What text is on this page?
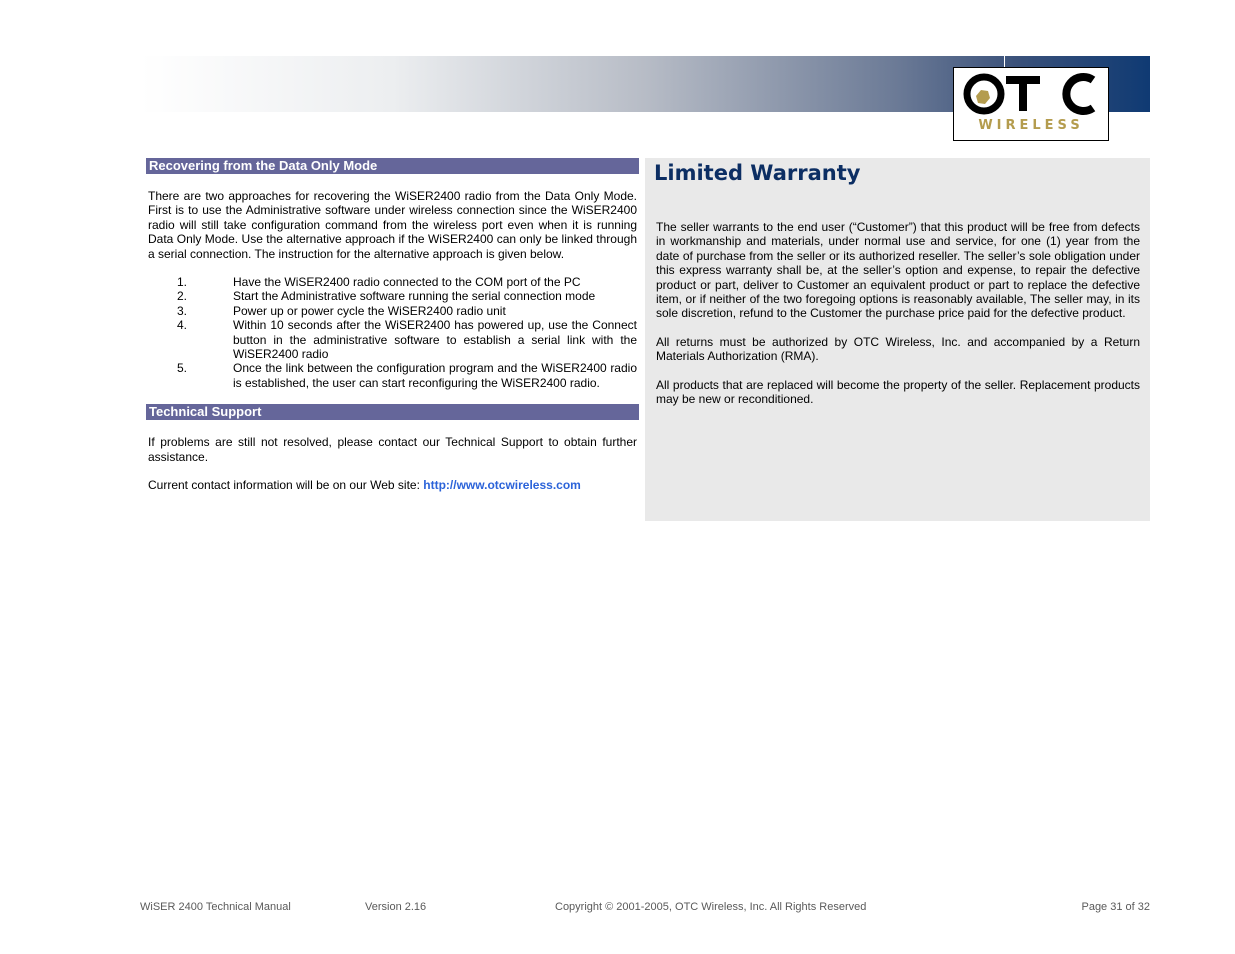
WIRELESS
Recovering from the Data Only Mode

There are two approaches for recovering the WiSER2400 radio from the Data Only Mode. First is to use the Administrative software under wireless connection since the WiSER2400 radio will still take configuration command from the wireless port even when it is running Data Only Mode. Use the alternative approach if the WiSER2400 can only be linked through a serial connection. The instruction for the alternative approach is given below.

1.	Have the WiSER2400 radio connected to the COM port of the PC
2.	Start the Administrative software running the serial connection mode
3.	Power up or power cycle the WiSER2400 radio unit
4.	Within 10 seconds after the WiSER2400 has powered up, use the Connect button in the administrative software to establish a serial link with the WiSER2400 radio
5.	Once the link between the configuration program and the WiSER2400 radio is established, the user can start reconfiguring the WiSER2400 radio.
Technical Support

If problems are still not resolved, please contact our Technical Support to obtain further assistance.

Current contact information will be on our Web site: http://www.otcwireless.com

Limited Warranty

The seller warrants to the end user (“Customer”) that this product will be free from defects in workmanship and materials, under normal use and service, for one (1) year from the date of purchase from the seller or its authorized reseller. The seller’s sole obligation under this express warranty shall be, at the seller’s option and expense, to repair the defective product or part, deliver to Customer an equivalent product or part to replace the defective item, or if neither of the two foregoing options is reasonably available, The seller may, in its sole discretion, refund to the Customer the purchase price paid for the defective product.

All returns must be authorized by OTC Wireless, Inc. and accompanied by a Return Materials Authorization (RMA).

All products that are replaced will become the property of the seller. Replacement products may be new or reconditioned.

WiSER 2400 Technical Manual	Version 2.16	Copyright © 2001-2005, OTC Wireless, Inc. All Rights Reserved	Page 31 of 32
